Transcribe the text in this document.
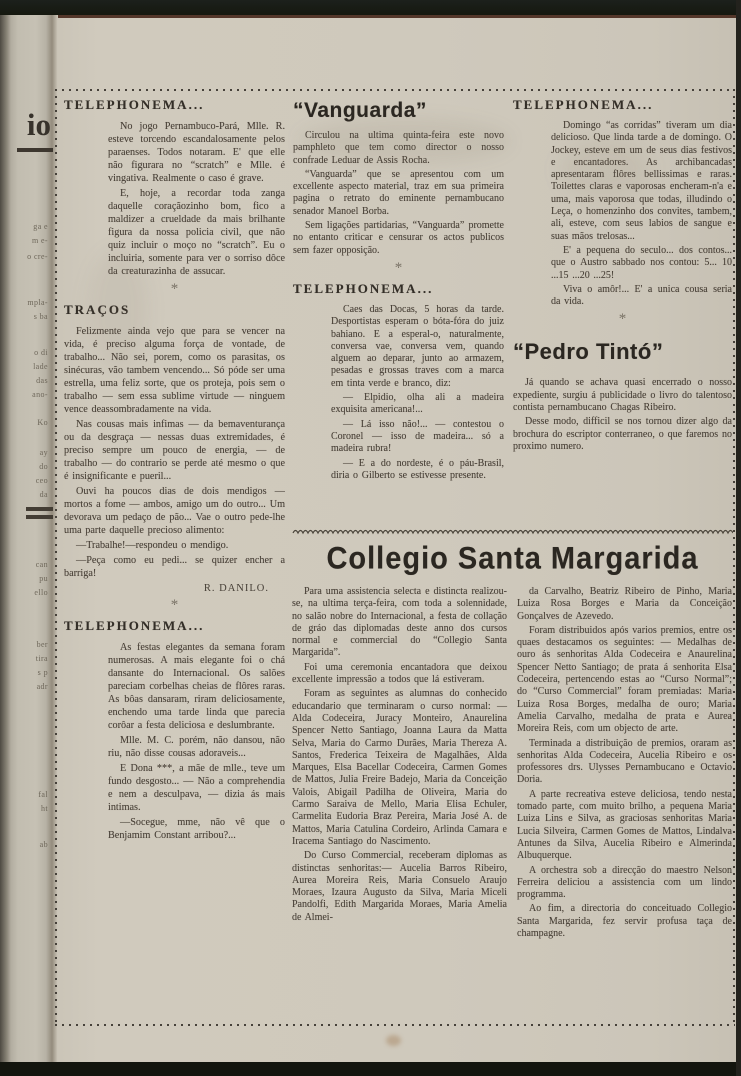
io
ga e
m e-
o cre-
mpla-
s ba
o di
lade
das
ano-
Ko
ay
do
ceo
da
can
pu
ello
ber
tira
s p
adr
fal
ht
ab
TELEPHONEMA...

No jogo Pernambuco-Pará, Mlle. R. esteve torcendo escandalosamente pelos paraenses. Todos notaram. E' que elle não figurara no “scratch” e Mlle. é vingativa. Realmente o caso é grave.

E, hoje, a recordar toda zanga daquelle coraçãozinho bom, fico a maldizer a crueldade da mais brilhante figura da nossa policia civil, que não quiz incluir o moço no “scratch”. Eu o incluiria, somente para ver o sorriso dôce da creaturazinha de assucar.

*
TRAÇOS

Felizmente ainda vejo que para se vencer na vida, é preciso alguma força de vontade, de trabalho... Não sei, porem, como os parasitas, os sinécuras, vão tambem vencendo... Só póde ser uma estrella, uma feliz sorte, que os proteja, pois sem o trabalho — sem essa sublime virtude — ninguem vence deassombradamente na vida.

Nas cousas mais infimas — da bemaventurança ou da desgraça — nessas duas extremidades, é preciso sempre um pouco de energia, — de trabalho — do contrario se perde até mesmo o que é insignificante e pueril...

Ouvi ha poucos dias de dois mendigos — mortos a fome — ambos, amigo um do outro... Um devorava um pedaço de pão... Vae o outro pede-lhe uma parte daquelle precioso alimento:

—Trabalhe!—respondeu o mendigo.

—Peça como eu pedi... se quizer encher a barriga!

R. DANILO.
*
TELEPHONEMA...

As festas elegantes da semana foram numerosas. A mais elegante foi o chá dansante do Internacional. Os salões pareciam corbelhas cheias de flôres raras. As bôas dansaram, riram deliciosamente, enchendo uma tarde linda que parecia corôar a festa deliciosa e deslumbrante.

Mlle. M. C. porém, não dansou, não riu, não disse cousas adoraveis...

E Dona ***, a mãe de mlle., teve um fundo desgosto... — Não a comprehendia e nem a desculpava, — dizia ás mais intimas.

—Socegue, mme, não vê que o Benjamim Constant arribou?...

“Vanguarda”

Circulou na ultima quinta-feira este novo pamphleto que tem como director o nosso confrade Leduar de Assis Rocha.

“Vanguarda” que se apresentou com um excellente aspecto material, traz em sua primeira pagina o retrato do eminente pernambucano senador Manoel Borba.

Sem ligações partidarias, “Vanguarda” promette no entanto criticar e censurar os actos publicos sem fazer opposição.

*
TELEPHONEMA...

Caes das Docas, 5 horas da tarde. Desportistas esperam o bóta-fóra do juiz bahiano. E a esperal-o, naturalmente, conversa vae, conversa vem, quando alguem ao deparar, junto ao armazem, pesadas e grossas traves com a marca em tinta verde e branco, diz:

— Elpidio, olha ali a madeira exquisita americana!...

— Lá isso não!... — contestou o Coronel — isso de madeira... só a madeira rubra!

— E a do nordeste, é o páu-Brasil, diria o Gilberto se estivesse presente.

TELEPHONEMA...

Domingo “as corridas” tiveram um dia delicioso. Que linda tarde a de domingo. O Jockey, esteve em um de seus dias festivos e encantadores. As archibancadas apresentaram flôres bellissimas e raras. Toilettes claras e vaporosas encheram-n'a e uma, mais vaporosa que todas, illudindo o Leça, o homenzinho dos convites, tambem, ali, esteve, com seus labios de sangue e suas mãos trelosas...

E' a pequena do seculo... dos contos... que o Austro sabbado nos contou: 5... 10 ...15 ...20 ...25!

Viva o amôr!... E' a unica cousa seria da vida.

*
“Pedro Tintó”

Já quando se achava quasi encerrado o nosso expediente, surgiu á publicidade o livro do talentoso contista pernambucano Chagas Ribeiro.

Desse modo, difficil se nos tornou dizer algo da brochura do escriptor conterraneo, o que faremos no proximo numero.

Collegio Santa Margarida

Para uma assistencia selecta e distincta realizou-se, na ultima terça-feira, com toda a solennidade, no salão nobre do Internacional, a festa de collação de gráo das diplomadas deste anno dos cursos normal e commercial do “Collegio Santa Margarida”.

Foi uma ceremonia encantadora que deixou excellente impressão a todos que lá estiveram.

Foram as seguintes as alumnas do conhecido educandario que terminaram o curso normal: — Alda Codeceira, Juracy Monteiro, Anaurelina Spencer Netto Santiago, Joanna Laura da Matta Selva, Maria do Carmo Durães, Maria Thereza A. Santos, Frederica Teixeira de Magalhães, Alda Marques, Elsa Bacellar Codeceira, Carmen Gomes de Mattos, Julia Freire Badejo, Maria da Conceição Valois, Abigail Padilha de Oliveira, Maria do Carmo Saraiva de Mello, Maria Elisa Echuler, Carmelita Eudoria Braz Pereira, Maria José A. de Mattos, Maria Catulina Cordeiro, Arlinda Camara e Iracema Santiago do Nascimento.

Do Curso Commercial, receberam diplomas as distinctas senhoritas:— Aucelia Barros Ribeiro, Aurea Moreira Reis, Maria Consuelo Araujo Moraes, Izaura Augusto da Silva, Maria Miceli Pandolfi, Edith Margarida Moraes, Maria Amelia de Almei-

da Carvalho, Beatriz Ribeiro de Pinho, Maria Luiza Rosa Borges e Maria da Conceição Gonçalves de Azevedo.

Foram distribuidos após varios premios, entre os quaes destacamos os seguintes: — Medalhas de ouro ás senhoritas Alda Codeceira e Anaurelina Spencer Netto Santiago; de prata á senhorita Elsa Codeceira, pertencendo estas ao “Curso Normal”; do “Curso Commercial” foram premiadas: Maria Luiza Rosa Borges, medalha de ouro; Maria Amelia Carvalho, medalha de prata e Aurea Moreira Reis, com um objecto de arte.

Terminada a distribuição de premios, oraram as senhoritas Alda Codeceira, Aucelia Ribeiro e os professores drs. Ulysses Pernambucano e Octavio Doria.

A parte recreativa esteve deliciosa, tendo nesta tomado parte, com muito brilho, a pequena Maria Luiza Lins e Silva, as graciosas senhoritas Maria Lucia Silveira, Carmen Gomes de Mattos, Lindalva Antunes da Silva, Aucelia Ribeiro e Almerinda Albuquerque.

A orchestra sob a direcção do maestro Nelson Ferreira deliciou a assistencia com um lindo programma.

Ao fim, a directoria do conceituado Collegio Santa Margarida, fez servir profusa taça de champagne.
